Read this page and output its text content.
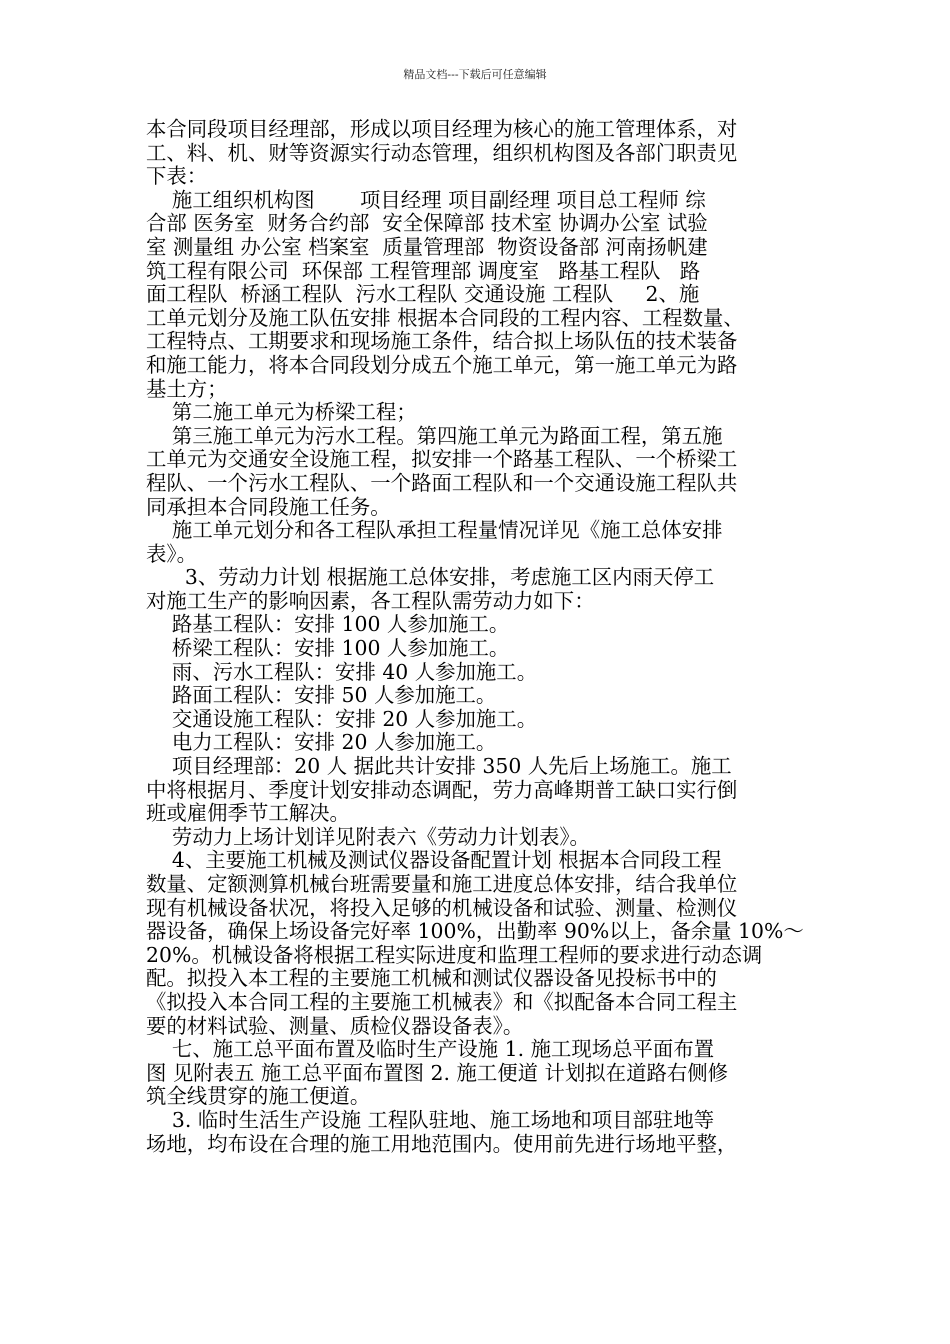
精品文档---下载后可任意编辑
本合同段项目经理部，形成以项目经理为核心的施工管理体系，对
工、料、机、财等资源实行动态管理，组织机构图及各部门职责见
下表：
施工组织机构图       项目经理 项目副经理 项目总工程师 综
合部 医务室  财务合约部  安全保障部 技术室 协调办公室 试验
室 测量组 办公室 档案室  质量管理部  物资设备部 河南扬帆建
筑工程有限公司  环保部 工程管理部 调度室   路基工程队   路
面工程队  桥涵工程队  污水工程队 交通设施 工程队     2、施
工单元划分及施工队伍安排 根据本合同段的工程内容、工程数量、
工程特点、工期要求和现场施工条件，结合拟上场队伍的技术装备
和施工能力，将本合同段划分成五个施工单元，第一施工单元为路
基土方；
第二施工单元为桥梁工程；
第三施工单元为污水工程。第四施工单元为路面工程，第五施
工单元为交通安全设施工程，拟安排一个路基工程队、一个桥梁工
程队、一个污水工程队、一个路面工程队和一个交通设施工程队共
同承担本合同段施工任务。
施工单元划分和各工程队承担工程量情况详见《施工总体安排
表》。
3、劳动力计划 根据施工总体安排，考虑施工区内雨天停工
对施工生产的影响因素，各工程队需劳动力如下：
路基工程队：安排 100 人参加施工。
桥梁工程队：安排 100 人参加施工。
雨、污水工程队：安排 40 人参加施工。
路面工程队：安排 50 人参加施工。
交通设施工程队：安排 20 人参加施工。
电力工程队：安排 20 人参加施工。
项目经理部：20 人 据此共计安排 350 人先后上场施工。施工
中将根据月、季度计划安排动态调配，劳力高峰期普工缺口实行倒
班或雇佣季节工解决。
劳动力上场计划详见附表六《劳动力计划表》。
4、主要施工机械及测试仪器设备配置计划 根据本合同段工程
数量、定额测算机械台班需要量和施工进度总体安排，结合我单位
现有机械设备状况，将投入足够的机械设备和试验、测量、检测仪
器设备，确保上场设备完好率 100%，出勤率 90%以上，备余量 10%～
20%。机械设备将根据工程实际进度和监理工程师的要求进行动态调
配。拟投入本工程的主要施工机械和测试仪器设备见投标书中的
《拟投入本合同工程的主要施工机械表》和《拟配备本合同工程主
要的材料试验、测量、质检仪器设备表》。
七、施工总平面布置及临时生产设施 1. 施工现场总平面布置
图 见附表五 施工总平面布置图 2. 施工便道 计划拟在道路右侧修
筑全线贯穿的施工便道。
3. 临时生活生产设施 工程队驻地、施工场地和项目部驻地等
场地，均布设在合理的施工用地范围内。使用前先进行场地平整，
